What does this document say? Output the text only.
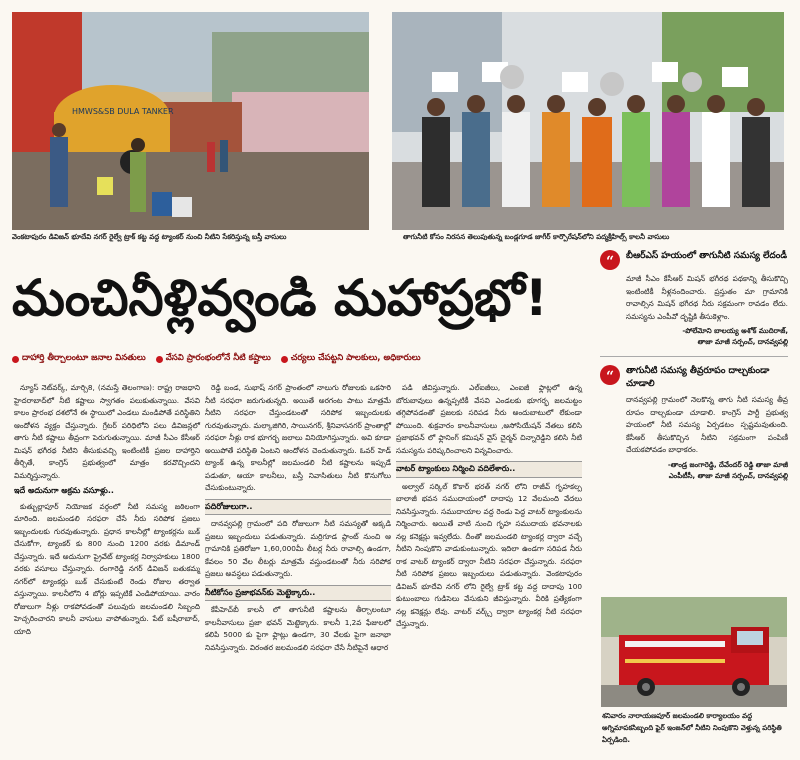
HMWS&SB DULA TANKER
వెంకటాపురం డివిజన్ భూదేవి నగర్ రైల్వే ట్రాక్ కట్ట వద్ద ట్యాంకర్ నుంచి నీటిని సేకరిస్తున్న బస్తీ వాసులు	తాగునీటి కోసం నిరసన తెలుపుతున్న బండ్లగూడ జాగీర్ కార్పొరేషన్‌లోని పద్మశ్రీహిల్స్ కాలనీ వాసులు
మంచినీళ్లివ్వండి మహాప్రభో!
దాహార్తి తీర్చాలంటూ జనాల వినతులు వేసవి ప్రారంభంలోనే నీటి కష్టాలు చర్యలు చేపట్టని పాలకులు, అధికారులు

న్యూస్ నెట్‌వర్క్, మార్చి8, (నమస్తే తెలంగాణ): రాష్ట్ర రాజధాని హైదరాబాద్‌లో నీటి కష్టాలు స్వాగతం పలుకుతున్నాయి. వేసవి కాలం ప్రారంభ దశలోనే ఈ స్థాయిలో ఎండలు మండిపోతే పరిస్థితిని ఆందోళన వ్యక్తం చేస్తున్నారు. గ్రేటర్ పరిధిలోని పలు డివిజన్లలో తాగు నీటి కష్టాలు తీవ్రంగా పెరుగుతున్నాయి. మాజీ సీఎం కేసీఆర్ మిషన్ భగీరథ నీటిని తీసుకువచ్చి ఇంటింటికీ ప్రజల దాహార్తిని తీర్చితే, కాంగ్రెస్ ప్రభుత్వంలో మాత్రం కరవొచ్చిందని విమర్శిస్తున్నారు.

ఇదే అదునుగా అక్రమ వసూళ్లు..

కుత్బుల్లాపూర్ నియోజక వర్గంలో నీటి సమస్య జఠిలంగా మారింది. జలమండలి సరఫరా చేసే నీరు సరిపోక ప్రజలు ఇబ్బందులకు గురవుతున్నారు. ప్రధాన కాలనీల్లో ట్యాంకర్లను బుక్ చేసుకోగా, ట్యాంకర్ కు 800 నుంచి 1200 వరకు డిమాండ్ చేస్తున్నారు. ఇదే అదునుగా ప్రైవేట్ ట్యాంకర్ల నిర్వాహకులు 1800 వరకు వసూలు చేస్తున్నారు. రంగారెడ్డి నగర్ డివిజన్ బతుకమ్మ నగర్‌లో ట్యాంకర్లు బుక్ చేసుకుంటే రెండు రోజుల తర్వాత వస్తున్నాయి. కాలనీలోని 4 బోర్లు ఇప్పటికే ఎండిపోయాయి. వారం రోజులుగా నీళ్లు రాకపోవడంతో పలువురు జలమండలి సిబ్బంది హెచ్చరించారని కాలనీ వాసులు వాపోతున్నారు. పేట్ బషీరాబాద్, యాది

రెడ్డి బండ, సుభాష్ నగర్ ప్రాంతంలో నాలుగు రోజులకు ఒకసారి నీటి సరఫరా జరుగుతున్నది. అయితే అరగంట పాటు మాత్రమే నీటిని సరఫరా చేస్తుండటంతో సరిపోక ఇబ్బందులకు గురవుతున్నారు. మల్కాజిగిరి, సాయినగర్, శ్రీనివాసనగర్ ప్రాంతాల్లో సరఫరా నీళ్లు రాక భూగర్భ జలాలు వినియోగిస్తున్నారు. అవి కూడా అయిపోతే పరిస్థితి ఏంటని ఆందోళన చెందుతున్నారు. ఓవర్ హెడ్ ట్యాంక్ ఉన్న కాలనీల్లో జలమండలి నీటి కష్టాలను ఇప్పుడే పడుతూ, ఆయా కాలనీలు, బస్తీ నివాసితులు నీటి కొనుగోలు చేసుకుంటున్నారు.

పదిరోజులుగా..

దానవ్వపల్లి గ్రామంలో పది రోజులుగా నీటి సమస్యతో అక్కడి ప్రజలు ఇబ్బందులు పడుతున్నారు. మర్రిగూడ ప్లాంట్ నుంచి ఆ గ్రామానికి ప్రతిరోజూ 1,60,000మీ లీటర్ల నీరు రావాల్సి ఉండగా, కేవలం 50 వేల లీటర్లు మాత్రమే వస్తుండటంతో నీరు సరిపోక ప్రజలు అవస్థలు పడుతున్నారు.

నీటికోసం ప్రజాభవన్‌కు మెట్టెక్కారు..

కేపీహెచ్‌బీ కాలనీ లో తాగునీటి కష్టాలను తీర్చాలంటూ కాలనీవాసులు ప్రజా భవన్ మెట్టెక్కారు. కాలనీ 1,2వ ఫేజులలో కలిపి 5000 కు పైగా ఫ్లాట్లు ఉండగా, 30 వేలకు పైగా జనాభా నివసిస్తున్నారు. విరంతర జలమండలి సరఫరా చేసే నీటిపైనే ఆధార

పడి జీవిస్తున్నారు. ఎల్ఐజీలు, ఎంఐజీ ఫ్లాట్లలో ఉన్న బోరుబావులు ఉన్నప్పటికీ వేసవి ఎండలకు భూగర్భ జలమట్టం తగ్గిపోవడంతో ప్రజలకు సరిపడ నీరు అందుబాటులో లేకుండా పోయింది. శుక్రవారం కాలనీవాసులు ,అసోసియేషన్ నేతలు కలిసి ప్రజాభవన్ లో ఫ్లానింగ్ కమిషన్ వైస్ చైర్మన్ చిన్నారెడ్డిని కలిసి నీటి సమస్యను పరిష్కరించాలని విన్నవించారు.

వాటర్ ట్యాంకులు నిర్మించి వదిలేశారు..

అల్వాల్ సర్కిల్ కొకార్ భరత్ నగర్ లోని రాజీవ్ గృహకల్ప బాలాజీ భవన సముదాయంలో దాదాపు 12 వేలమంది వేదలు నివసిస్తున్నారు. సముదాయాల వద్ద రెండు పెద్ద వాటర్ ట్యాంకులను నిర్మించారు. అయితే వాటి నుంచి గృహ సముదాయ భవనాలకు నల్ల కనెక్షన్లు ఇవ్వలేదు. దీంతో జలమండలి ట్యాంకర్ల ద్వారా వచ్చే నీటిని నింపుకొని వాడుకుంటున్నారు. ఇదిలా ఉండగా సరిపడ నీరు రాక వాటర్ ట్యాంకర్ ద్వారా నీటిని సరఫరా చేస్తున్నారు. సరఫరా నీటి సరిపోక ప్రజలు ఇబ్బందులు పడుతున్నారు. వెంకటాపురం డివిజన్ భూదేవి నగర్ లోని రైల్వే ట్రాక్ కట్ట వద్ద దాదాపు 100 కుటుంబాలు గుడిసెలు వేసుకుని జీవిస్తున్నారు. వీరికి ప్రత్యేకంగా నల్ల కనెక్షన్లు లేవు. వాటర్ వర్క్స్ ద్వారా ట్యాంకర్ల నీటి సరఫరా చేస్తున్నారు.

“	బీఆర్ఎస్ హయంలో తాగునీటి సమస్య లేదండీ
మాజీ సీఎం కేసీఆర్ మిషన్ భగీరథ పథకాన్ని తీసుకొచ్చి ఇంటింటికీ నీళ్లనందించారు. ప్రస్తుతం మా గ్రామానికి రావాల్సిన మిషన్ భగీరథ నీరు సక్రమంగా రావడం లేదు. సమస్యను ఎంపీవో దృష్టికి తీసుకెళ్లాం.
-పోలేమోని బాలయ్య అశోక్ ముదిరాజ్,
తాజా మాజీ సర్పంచ్, దానవ్వపల్లి
“	తాగునీటి సమస్య తీవ్రరూపం దాల్చకుండా చూడాలి
దానవ్వపల్లి గ్రామంలో నెలకొన్న తాగు నీటి సమస్య తీవ్ర రూపం దాల్చకుండా చూడాలి. కాంగ్రెస్ పార్టీ ప్రభుత్వ హయంలో నీటి సమస్య ఏర్పడటం స్పష్టమవుతుంది. కేసీఆర్ తీసుకొచ్చిన నీటిని సక్రమంగా పంపిణీ చేయకపోవడం బాధాకరం.
-తాండ్ర జంగారెడ్డి, దేవేందర్ రెడ్డి తాజా మాజీ
ఎంపీటీసీ, తాజా మాజీ సర్పంచ్, దానవ్వపల్లి
శనివారం నారాయణపూర్ జలమండలి కార్యాలయం వద్ద అగ్నిమాపకసిబ్బంది ఫైర్ ఇంజన్‌లో నీటిని నింపుకొని వెళ్తున్న పరిస్థితి ఏర్పడింది.
